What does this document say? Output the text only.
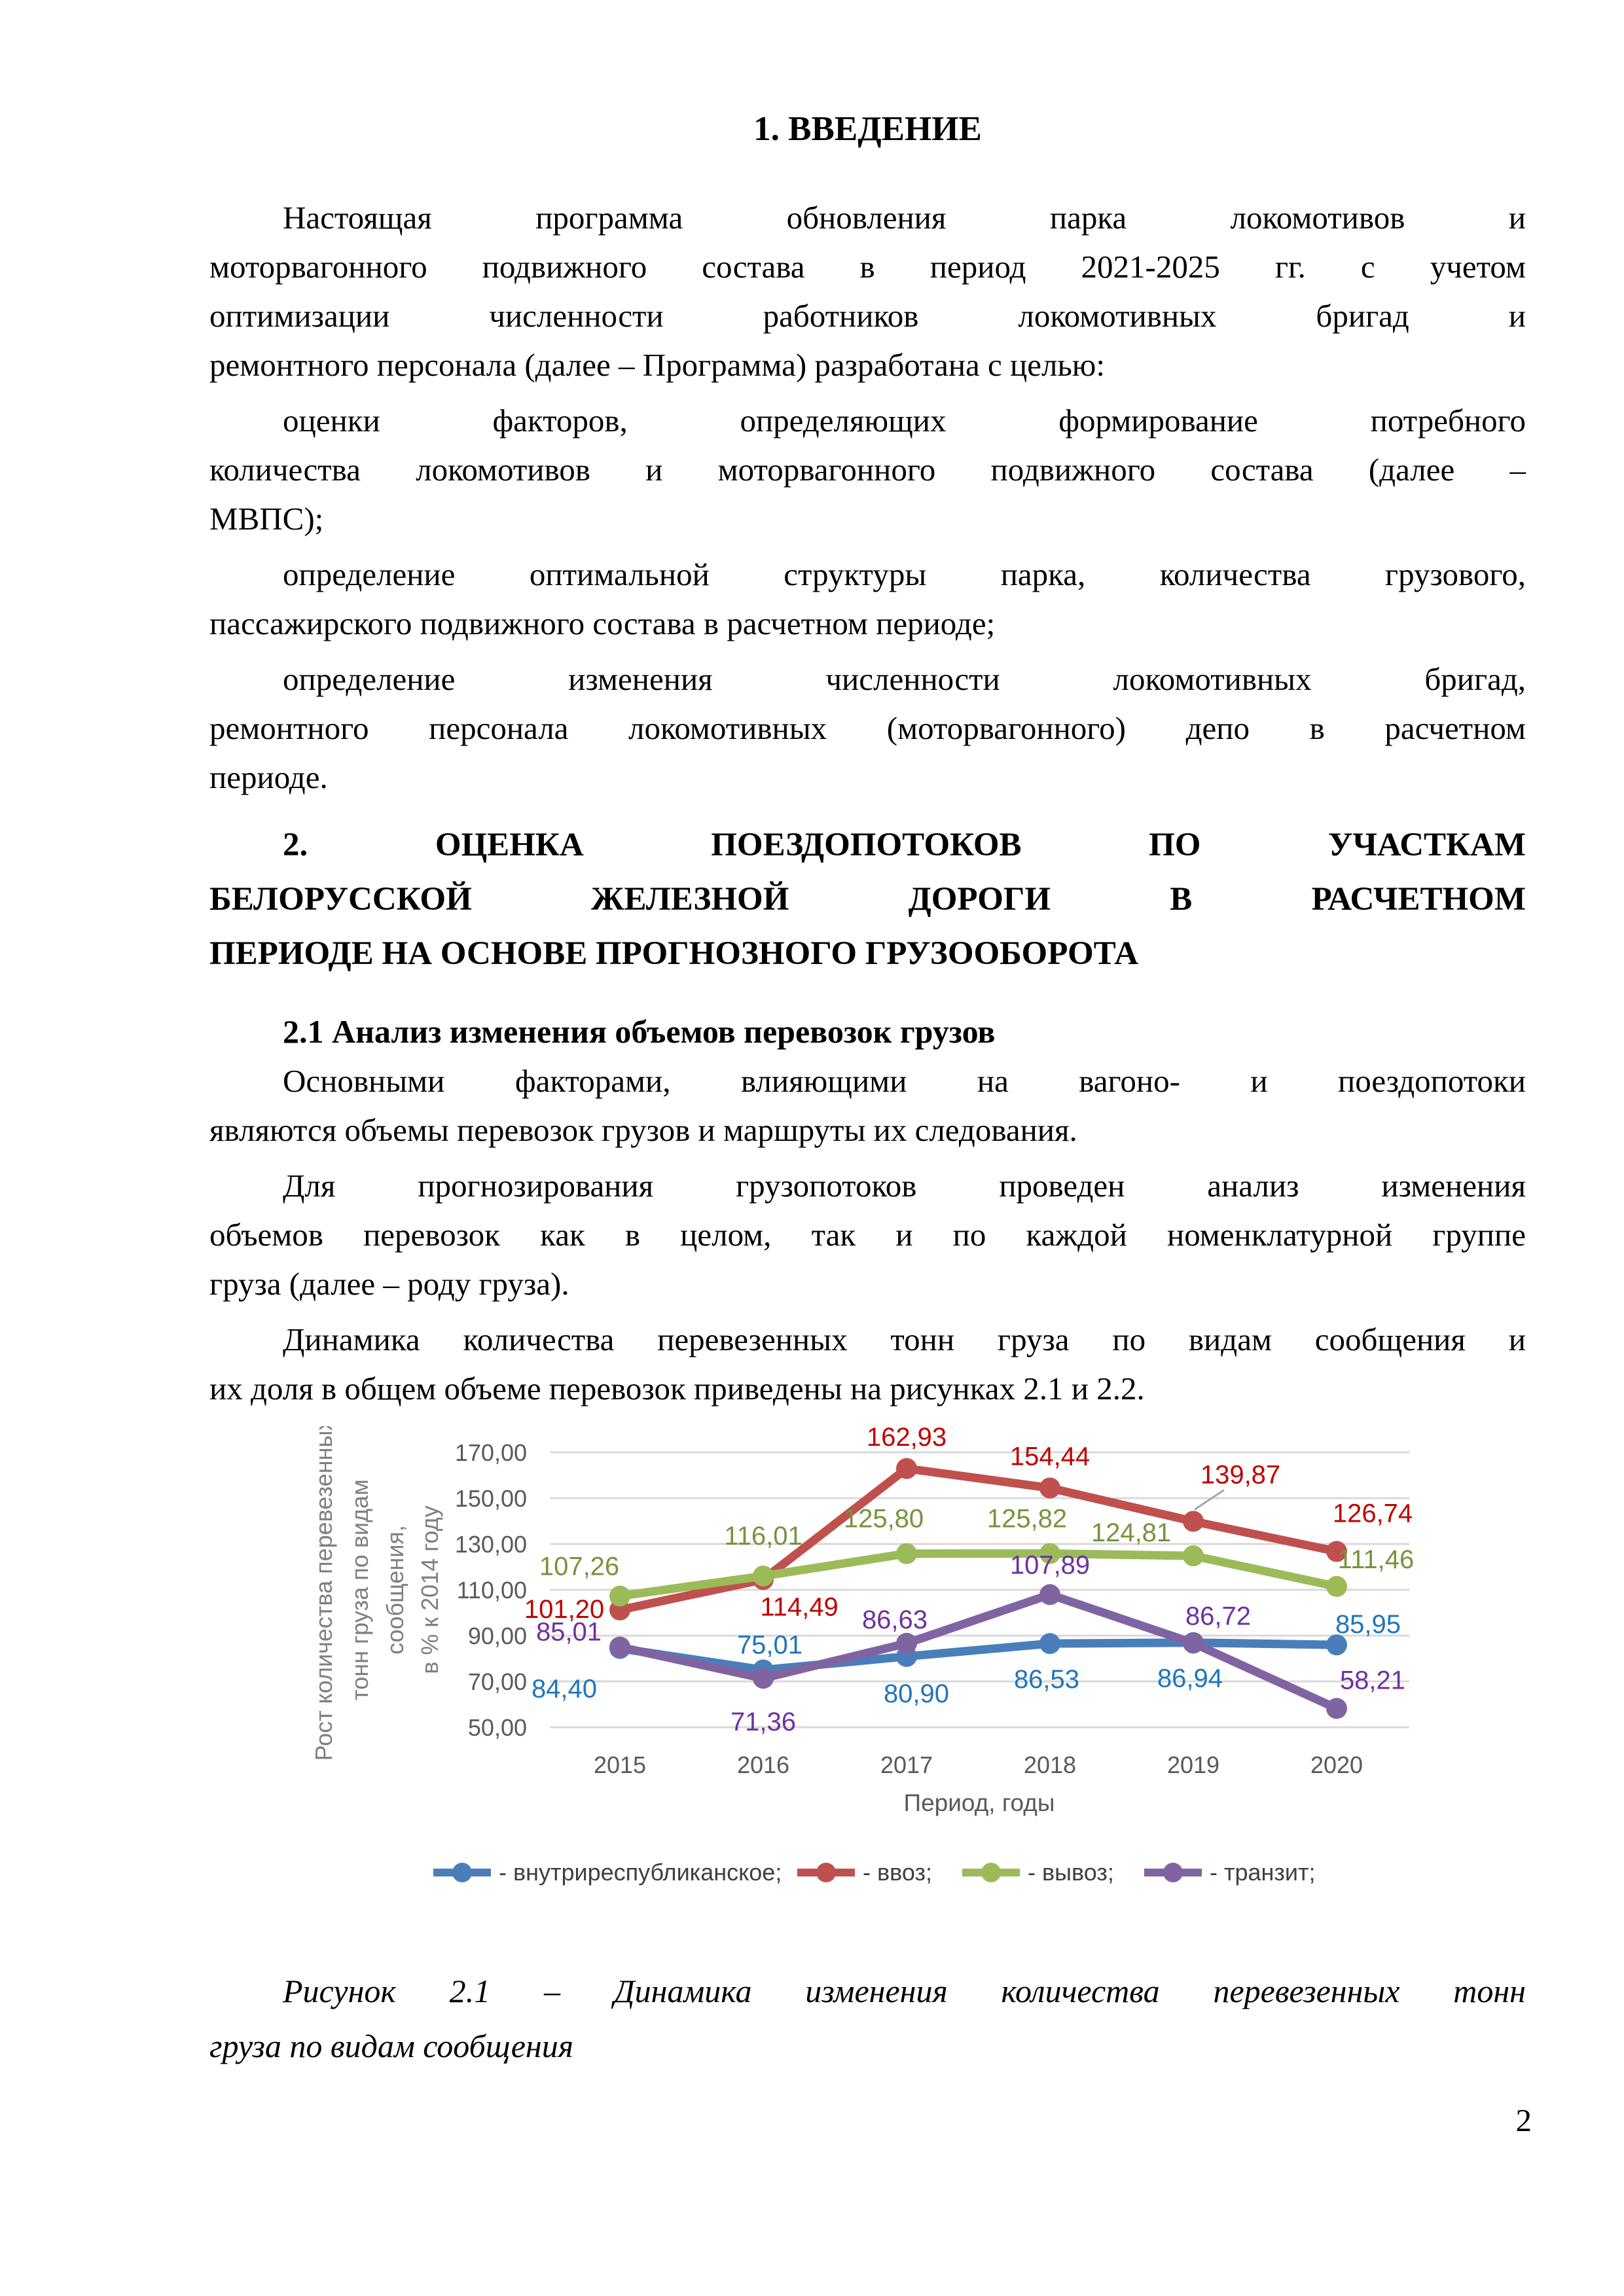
1. ВВЕДЕНИЕ

Настоящая программа обновления парка локомотивов и
моторвагонного подвижного состава в период 2021-2025 гг. с учетом
оптимизации численности работников локомотивных бригад и
ремонтного персонала (далее – Программа) разработана с целью:

оценки факторов, определяющих формирование потребного
количества локомотивов и моторвагонного подвижного состава (далее –
МВПС);

определение оптимальной структуры парка, количества грузового,
пассажирского подвижного состава в расчетном периоде;

определение изменения численности локомотивных бригад,
ремонтного персонала локомотивных (моторвагонного) депо в расчетном
периоде.

2. ОЦЕНКА ПОЕЗДОПОТОКОВ ПО УЧАСТКАМ
БЕЛОРУССКОЙ ЖЕЛЕЗНОЙ ДОРОГИ В РАСЧЕТНОМ
ПЕРИОДЕ НА ОСНОВЕ ПРОГНОЗНОГО ГРУЗООБОРОТА
2.1 Анализ изменения объемов перевозок грузов

Основными факторами, влияющими на вагоно- и поездопотоки
являются объемы перевозок грузов и маршруты их следования.

Для прогнозирования грузопотоков проведен анализ изменения
объемов перевозок как в целом, так и по каждой номенклатурной группе
груза (далее – роду груза).

Динамика количества перевезенных тонн груза по видам сообщения и
их доля в общем объеме перевозок приведены на рисунках 2.1 и 2.2.

50,00
70,00
90,00
110,00
130,00
150,00
170,00
2015	2016	2017	2018	2019	2020
Период, годы
Рост количества перевезенных тонн груза по видам сообщения, в % к 2014 году
84,40
75,01
80,90 86,53	86,94
85,95
101,20	114,49
162,93
154,44
139,87
126,74
107,26
116,01
125,80 125,82 124,81
111,46
85,01
71,36
86,63
107,89
86,72
58,21
- внутриреспубликанское;	- ввоз;	- вывоз;	- транзит;

Рисунок 2.1 – Динамика изменения количества перевезенных тонн
груза по видам сообщения

2
